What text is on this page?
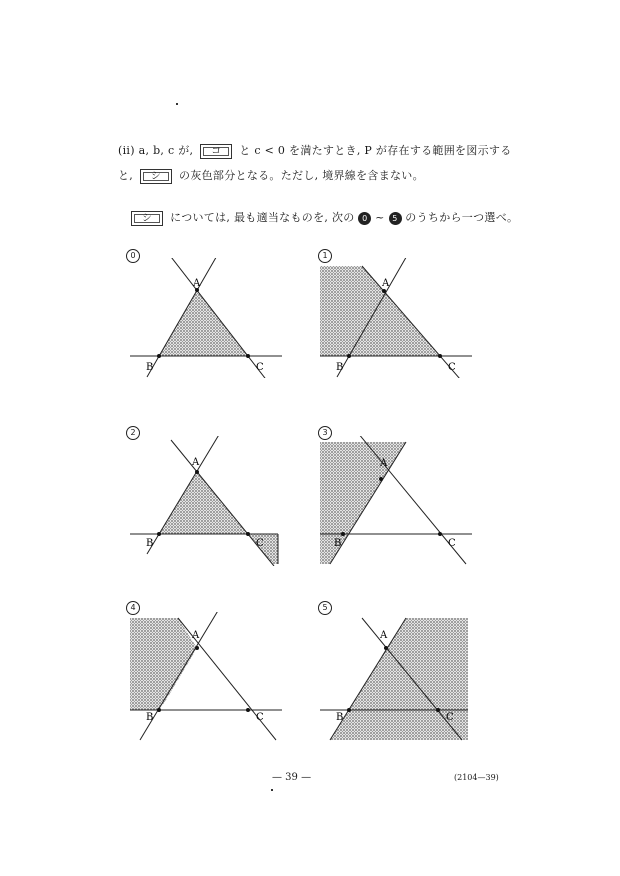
(ii) a, b, c が, コ と c < 0 を満たすとき, P が存在する範囲を図示する
と, シ の灰色部分となる。ただし, 境界線を含まない。
シ については, 最も適当なものを, 次の 0 ~ 5 のうちから一つ選べ。
0
A
B	C
1
A
B	C
2
A
B	C
3
A
B	C
4
A
B	C
5
A
B	C
— 39 —	(2104—39)
